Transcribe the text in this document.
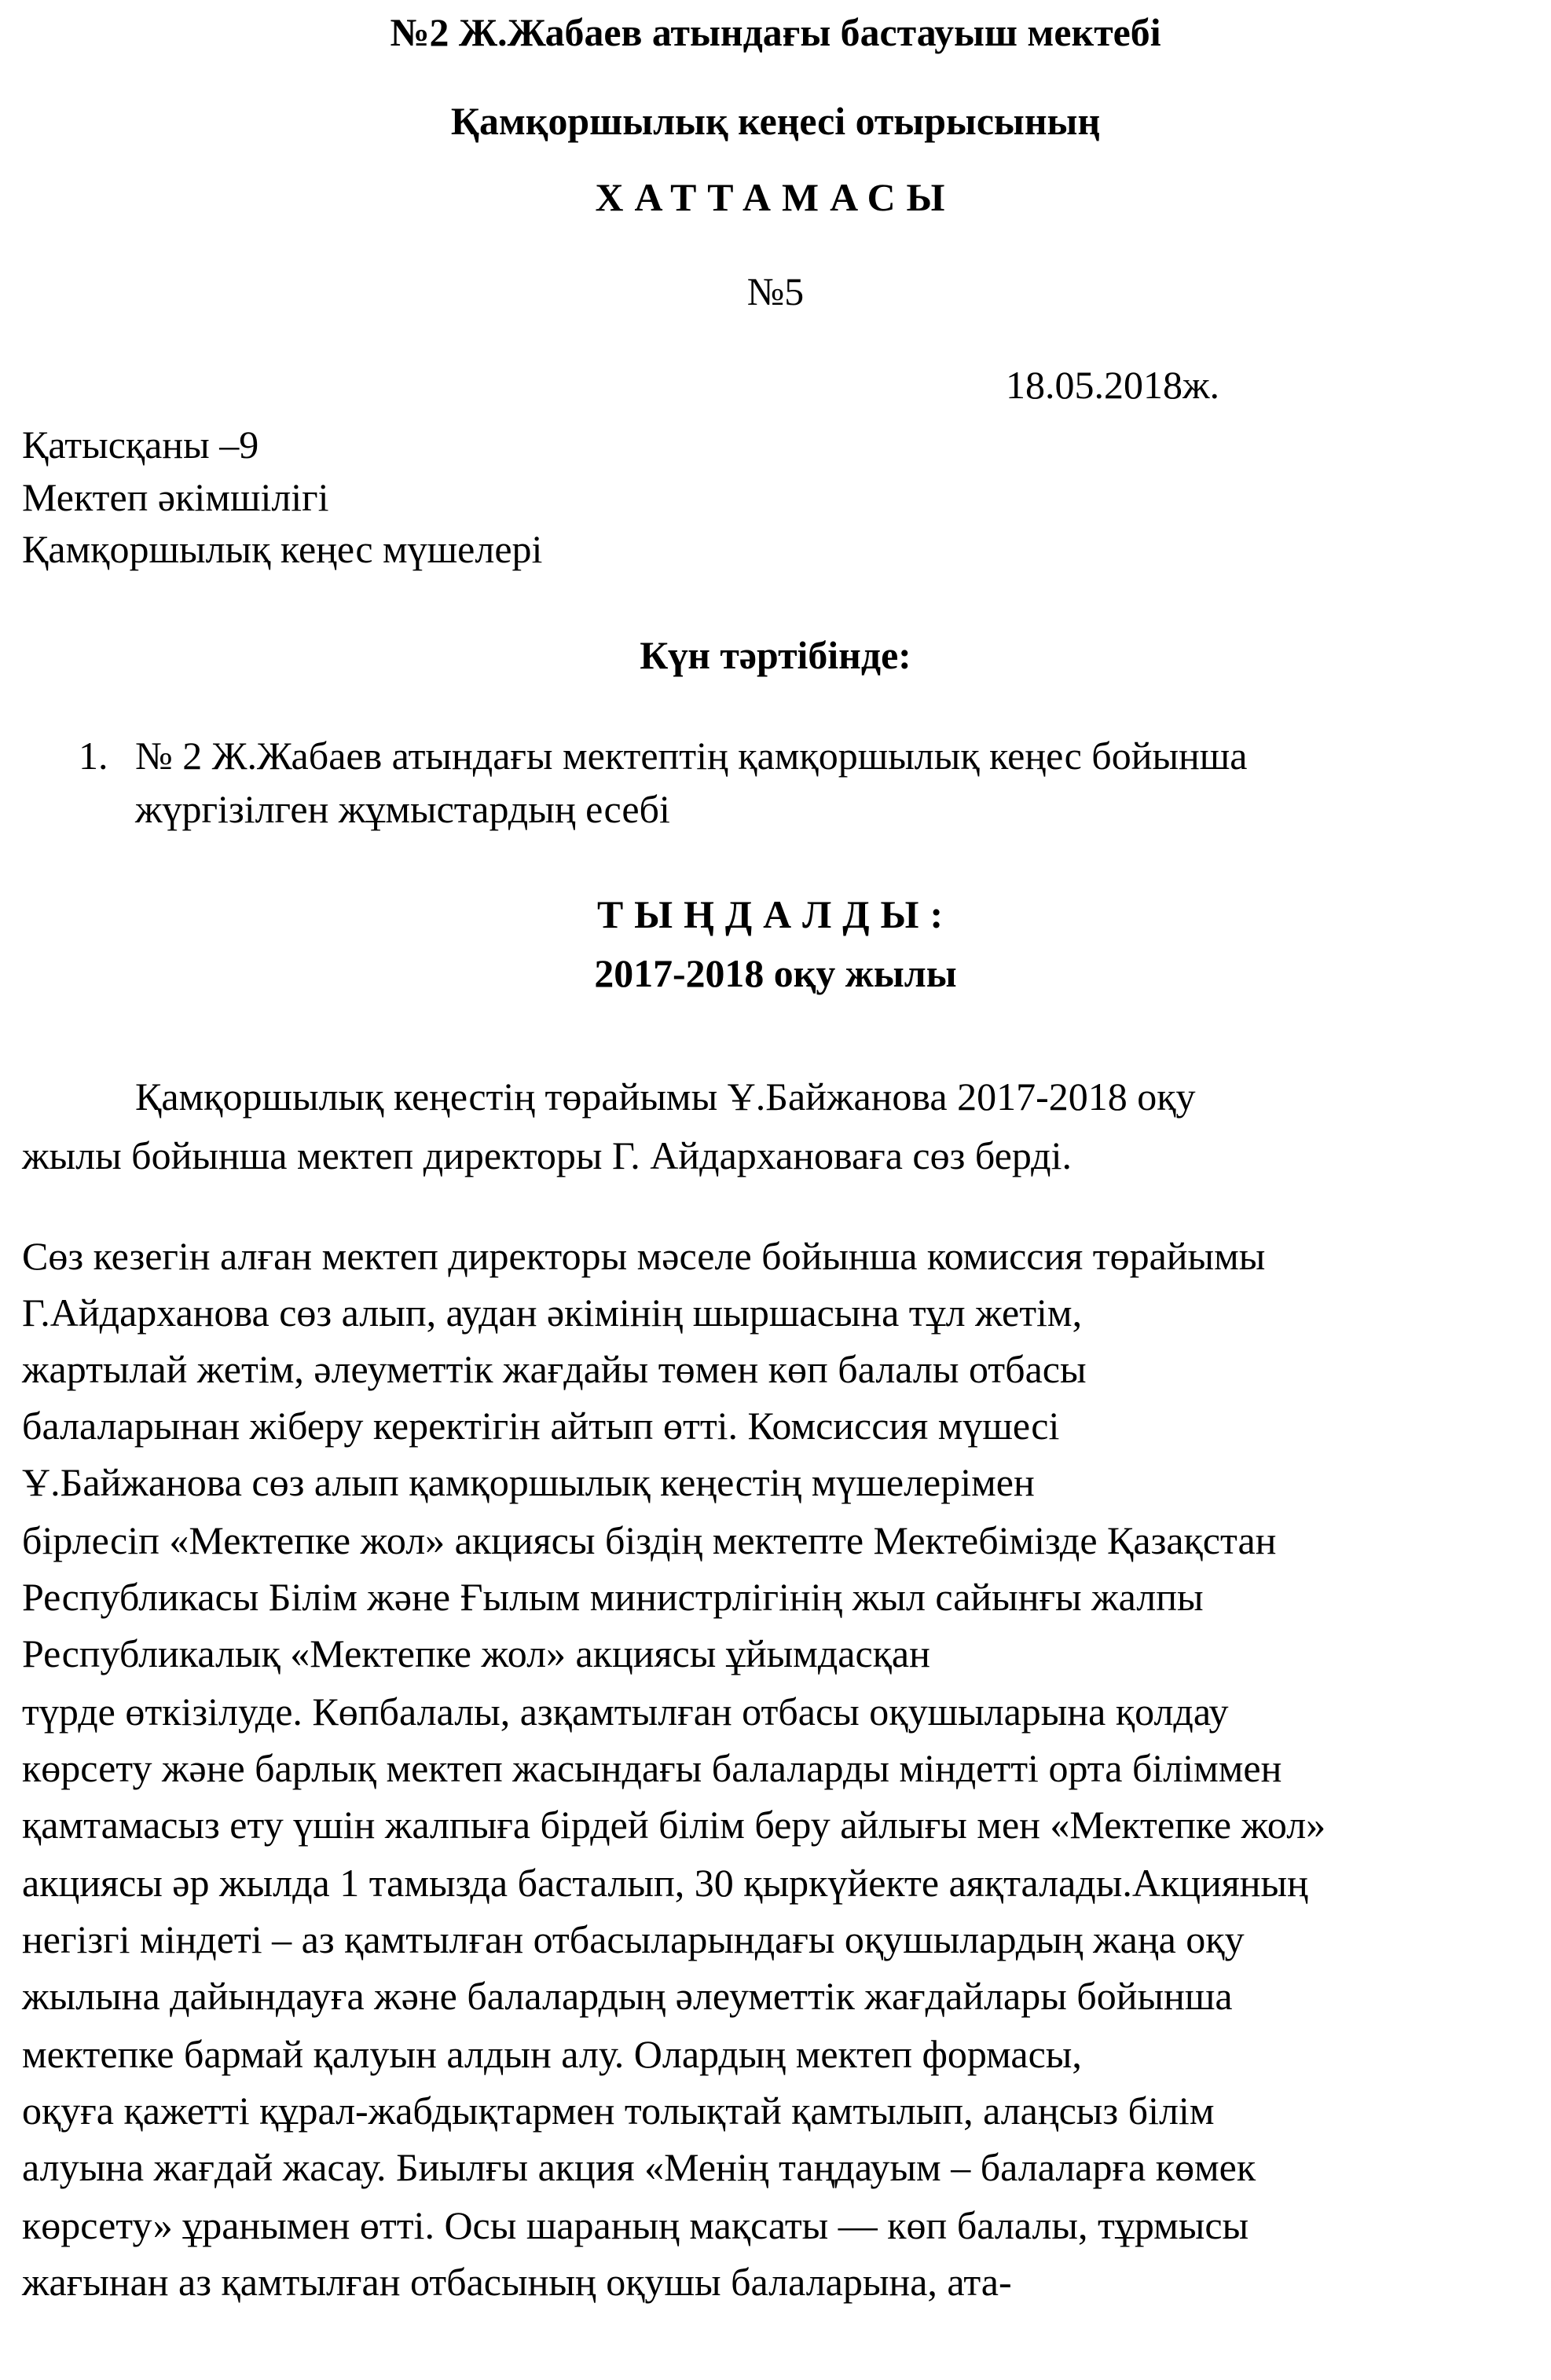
№2 Ж.Жабаев атындағы бастауыш мектебі
Қамқоршылық кеңесі отырысының
ХАТТАМАСЫ
№5
18.05.2018ж.
Қатысқаны –9
Мектеп әкімшілігі
Қамқоршылық кеңес мүшелері
Күн тәртібінде:
1. № 2 Ж.Жабаев атындағы мектептің қамқоршылық кеңес бойынша
жүргізілген жұмыстардың есебі
ТЫҢДАЛДЫ:
2017-2018 оқу жылы
Қамқоршылық кеңестің төрайымы Ұ.Байжанова 2017-2018 оқу
жылы бойынша мектеп директоры Г. Айдархановаға сөз берді.
Сөз кезегін алған мектеп директоры мәселе бойынша комиссия төрайымы
Г.Айдарханова сөз алып, аудан әкімінің шыршасына тұл жетім,
жартылай жетім, әлеуметтік жағдайы төмен көп балалы отбасы
балаларынан жіберу керектігін айтып өтті. Комсиссия мүшесі
Ұ.Байжанова сөз алып қамқоршылық кеңестің мүшелерімен
бірлесіп «Мектепке жол» акциясы біздің мектепте Мектебімізде Қазақстан
Республикасы Білім және Ғылым министрлігінің жыл сайынғы жалпы
Республикалық «Мектепке жол» акциясы ұйымдасқан
түрде өткізілуде. Көпбалалы, азқамтылған отбасы оқушыларына қолдау
көрсету және барлық мектеп жасындағы балаларды міндетті орта біліммен
қамтамасыз ету үшін жалпыға бірдей білім беру айлығы мен «Мектепке жол»
акциясы әр жылда 1 тамызда басталып, 30 қыркүйекте аяқталады.Акцияның
негізгі міндеті – аз қамтылған отбасыларындағы оқушылардың жаңа оқу
жылына дайындауға және балалардың әлеуметтік жағдайлары бойынша
мектепке бармай қалуын алдын алу. Олардың мектеп формасы,
оқуға қажетті құрал-жабдықтармен толықтай қамтылып, алаңсыз білім
алуына жағдай жасау. Биылғы акция «Менің таңдауым – балаларға көмек
көрсету» ұранымен өтті. Осы шараның мақсаты — көп балалы, тұрмысы
жағынан аз қамтылған отбасының оқушы балаларына, ата-
